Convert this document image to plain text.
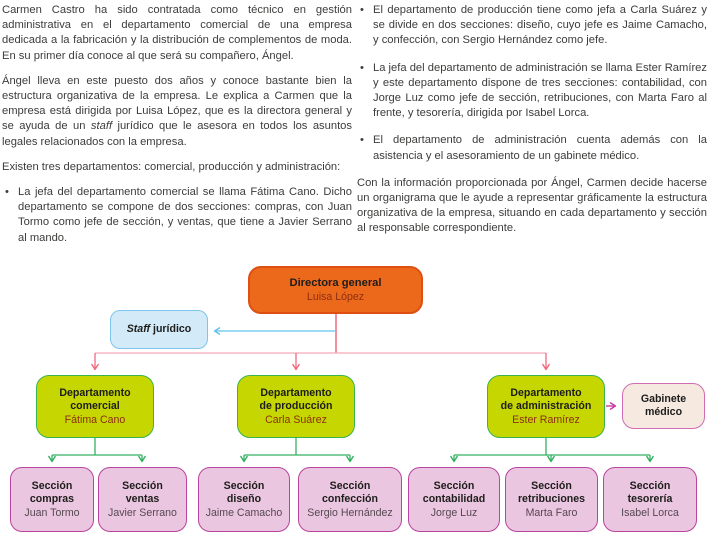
Carmen Castro ha sido contratada como técnico en gestión administrativa en el departamento comercial de una empresa dedicada a la fabricación y la distribución de complementos de moda. En su primer día conoce al que será su compañero, Ángel.

Ángel lleva en este puesto dos años y conoce bastante bien la estructura organizativa de la empresa. Le explica a Carmen que la empresa está dirigida por Luisa López, que es la directora general y se ayuda de un staff jurídico que le asesora en todos los asuntos legales relacionados con la empresa.

Existen tres departamentos: comercial, producción y administración:

• La jefa del departamento comercial se llama Fátima Cano. Dicho departamento se compone de dos secciones: compras, con Juan Tormo como jefe de sección, y ventas, que tiene a Javier Serrano al mando.

• El departamento de producción tiene como jefa a Carla Suárez y se divide en dos secciones: diseño, cuyo jefe es Jaime Camacho, y confección, con Sergio Hernández como jefe.

• La jefa del departamento de administración se llama Ester Ramírez y este departamento dispone de tres secciones: contabilidad, con Jorge Luz como jefe de sección, retribuciones, con Marta Faro al frente, y tesorería, dirigida por Isabel Lorca.

• El departamento de administración cuenta además con la asistencia y el asesoramiento de un gabinete médico.

Con la información proporcionada por Ángel, Carmen decide hacerse un organigrama que le ayude a representar gráficamente la estructura organizativa de la empresa, situando en cada departamento y sección al responsable correspondiente.

Directora general
Luisa López
Staff jurídico
Departamento
comercial
Fátima Cano
Departamento
de producción
Carla Suárez
Departamento
de administración
Ester Ramírez
Gabinete
médico
Sección
compras
Juan Tormo
Sección
ventas
Javier Serrano
Sección
diseño
Jaime Camacho
Sección
confección
Sergio Hernández
Sección
contabilidad
Jorge Luz
Sección
retribuciones
Marta Faro
Sección
tesorería
Isabel Lorca
